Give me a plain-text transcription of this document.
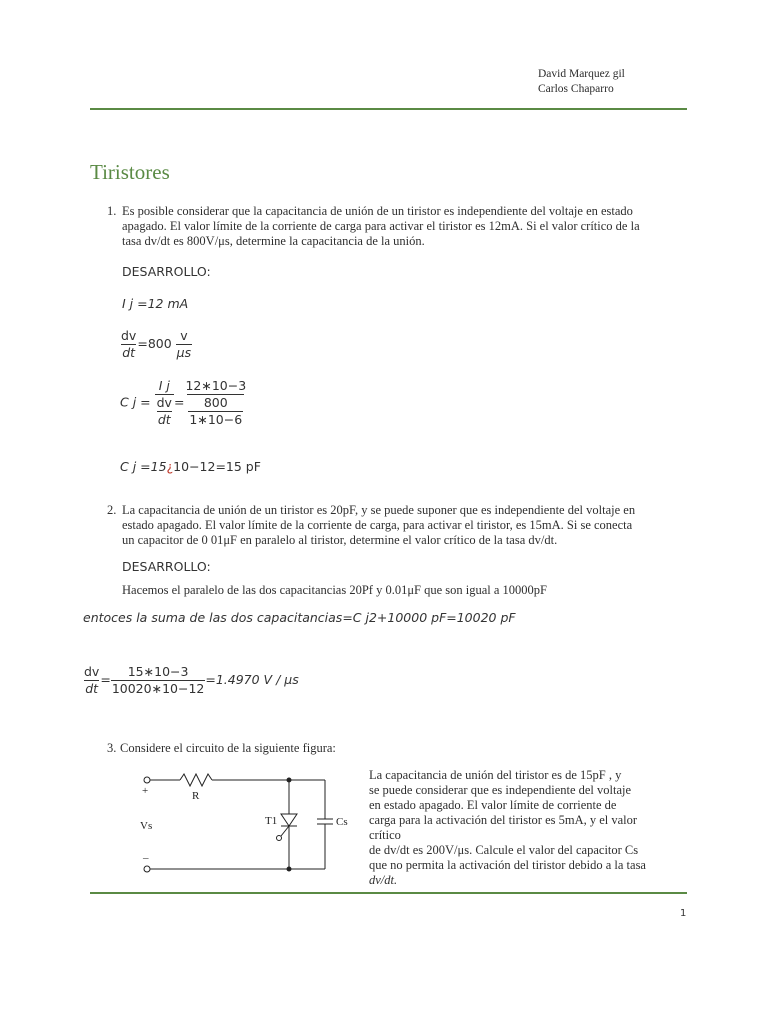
David Marquez gil
Carlos Chaparro
Tiristores
1. Es posible considerar que la capacitancia de unión de un tiristor es independiente del voltaje en estado
apagado. El valor límite de la corriente de carga para activar el tiristor es 12mA. Si el valor crítico de la
tasa dv/dt es 800V/μs, determine la capacitancia de la unión.
DESARROLLO:
I j =12 mA
$\frac{dv}{dt} =800 \frac{v}{\mu s}$
C $j = \frac{\text{I j}}{\frac{dv}{dt}} = \frac{12∗10-3}{\frac{800}{1∗10-6}}$
C j =15¿10−12=15 pF
2. La capacitancia de unión de un tiristor es 20pF, y se puede suponer que es independiente del voltaje en
estado apagado. El valor límite de la corriente de carga, para activar el tiristor, es 15mA. Si se conecta
un capacitor de 0 01μF en paralelo al tiristor, determine el valor crítico de la tasa dv/dt.
DESARROLLO:
Hacemos el paralelo de las dos capacitancias 20Pf y 0.01μF que son igual a 10000pF
entoces la suma de las dos capacitancias=C j2+10000 pF=10020 pF
$\frac{dv}{dt} = \frac{15∗10-3}{10020∗10-12} =1.4970$ V / μs
3. Considere el circuito de la siguiente figura:
+	R
Vs
_
T1	Cs
La capacitancia de unión del tiristor es de 15pF , y
se puede considerar que es independiente del voltaje
en estado apagado. El valor límite de corriente de
carga para la activación del tiristor es 5mA, y el valor
crítico
de dv/dt es 200V/μs. Calcule el valor del capacitor Cs
que no permita la activación del tiristor debido a la tasa
dv/dt.
1
